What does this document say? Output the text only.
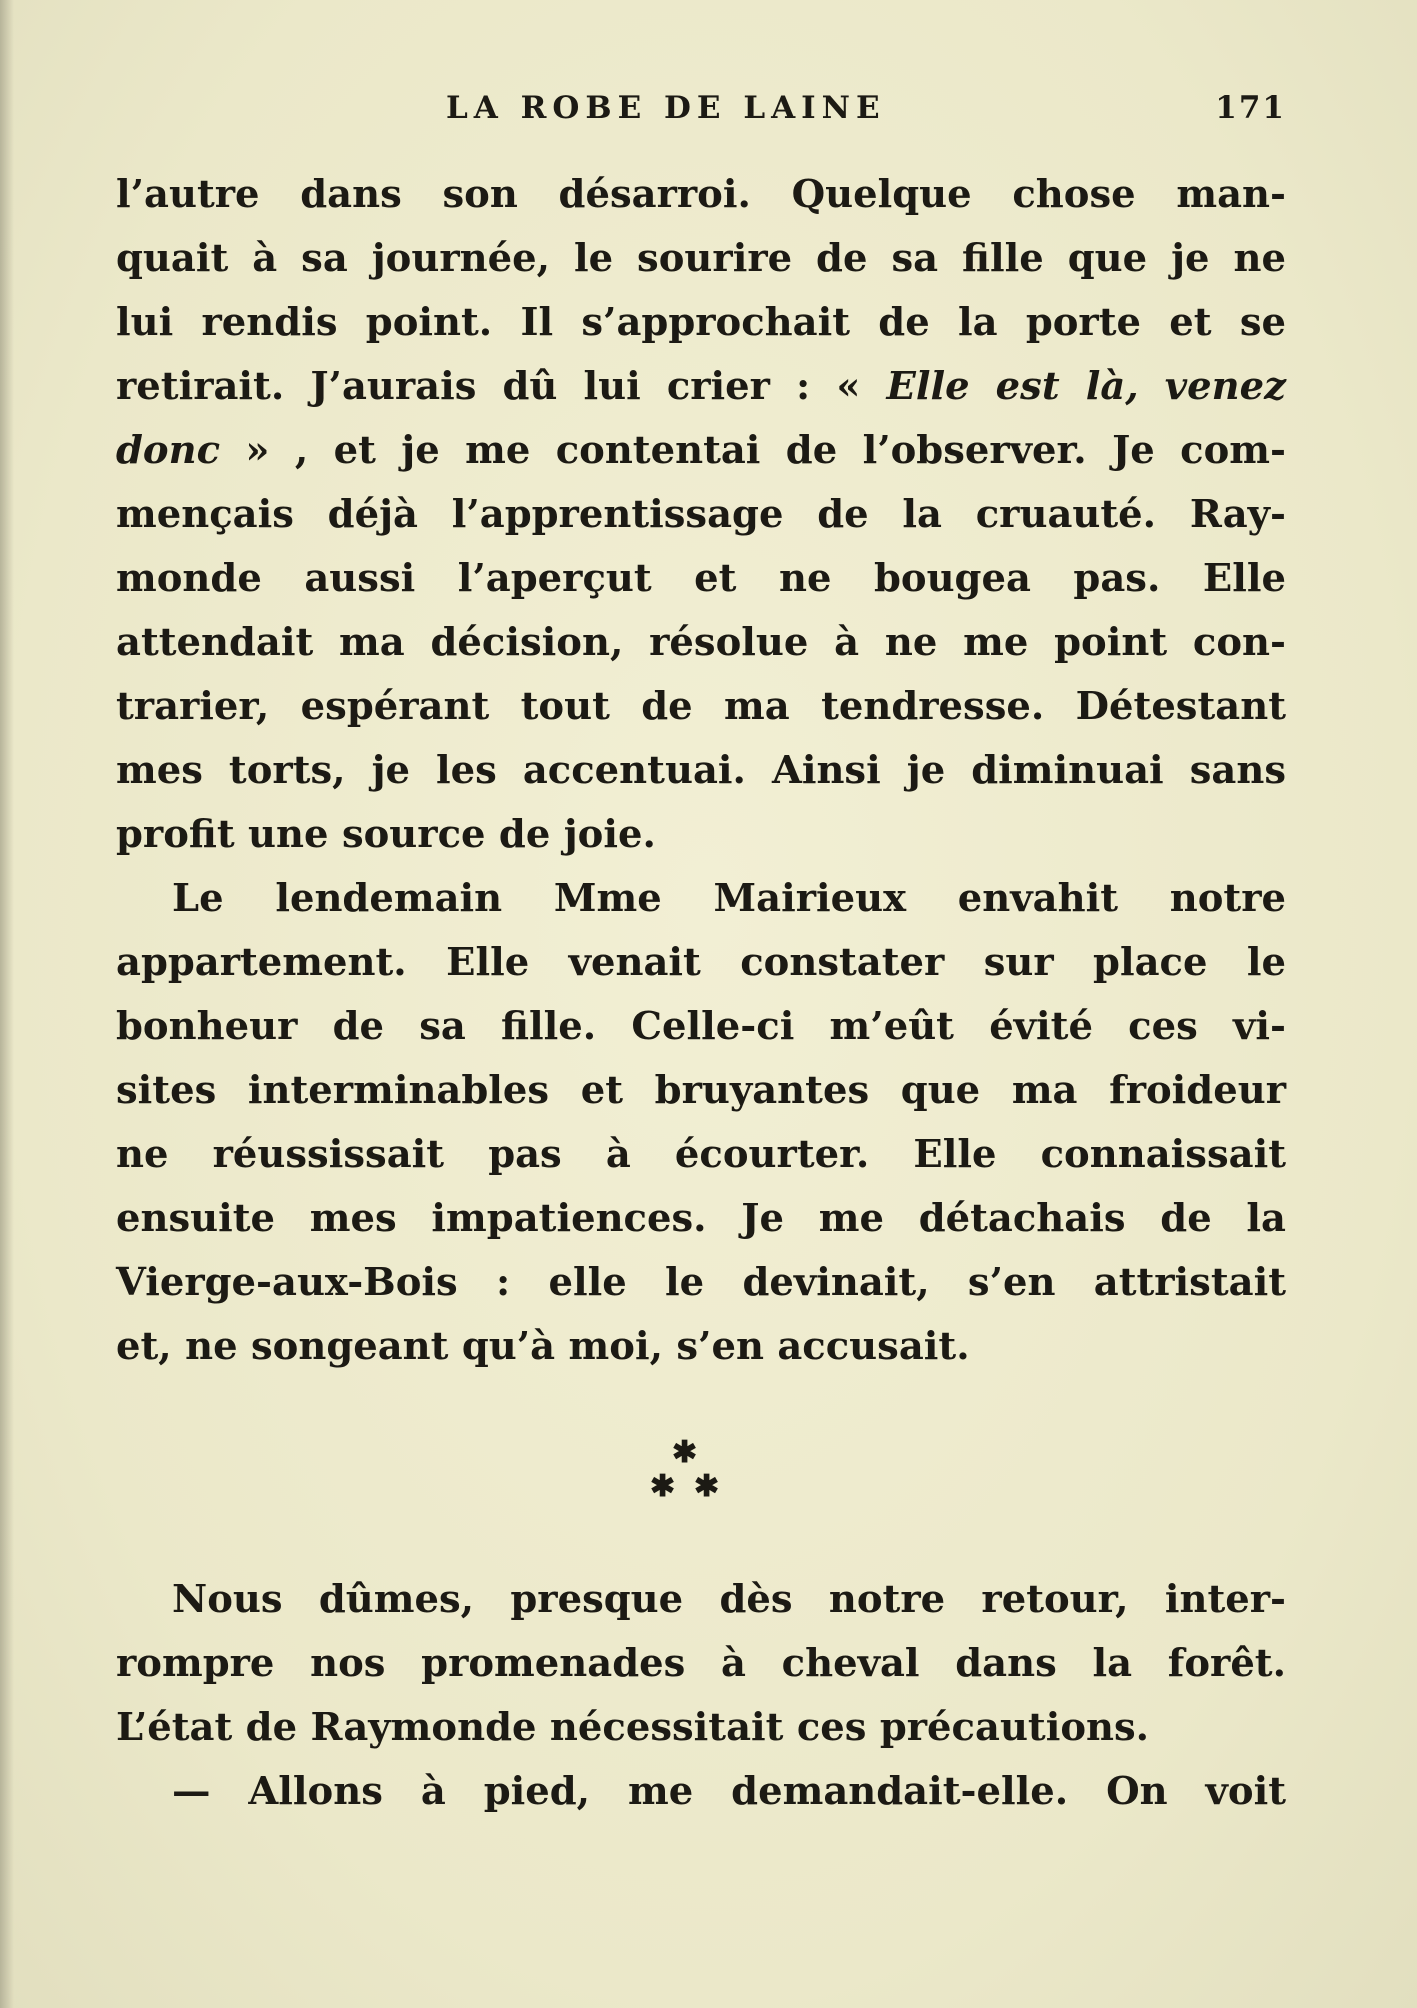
LA ROBE DE LAINE	171
l’autre dans son désarroi. Quelque chose man-
quait à sa journée, le sourire de sa fille que je ne
lui rendis point. Il s’approchait de la porte et se
retirait. J’aurais dû lui crier : « Elle est là, venez
donc » , et je me contentai de l’observer. Je com-
mençais déjà l’apprentissage de la cruauté. Ray-
monde aussi l’aperçut et ne bougea pas. Elle
attendait ma décision, résolue à ne me point con-
trarier, espérant tout de ma tendresse. Détestant
mes torts, je les accentuai. Ainsi je diminuai sans
profit une source de joie.
Le lendemain Mme Mairieux envahit notre
appartement. Elle venait constater sur place le
bonheur de sa fille. Celle-ci m’eût évité ces vi-
sites interminables et bruyantes que ma froideur
ne réussissait pas à écourter. Elle connaissait
ensuite mes impatiences. Je me détachais de la
Vierge-aux-Bois : elle le devinait, s’en attristait
et, ne songeant qu’à moi, s’en accusait.
✱
✱ ✱
Nous dûmes, presque dès notre retour, inter-
rompre nos promenades à cheval dans la forêt.
L’état de Raymonde nécessitait ces précautions.
— Allons à pied, me demandait-elle. On voit
